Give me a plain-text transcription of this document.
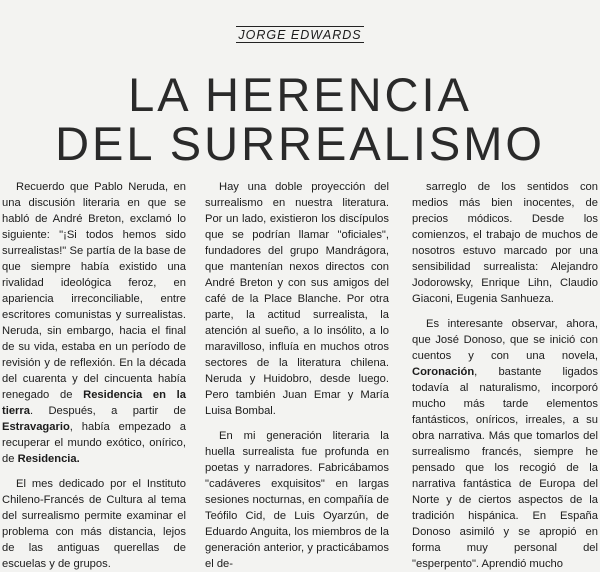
JORGE EDWARDS
LA HERENCIA
DEL SURREALISMO

Recuerdo que Pablo Neruda, en una discusión literaria en que se habló de André Breton, exclamó lo siguiente: "¡Si todos hemos sido surrealistas!" Se partía de la base de que siempre había existido una rivalidad ideológica feroz, en apariencia irreconciliable, entre escritores comunistas y surrealistas. Neruda, sin embargo, hacia el final de su vida, estaba en un período de revisión y de reflexión. En la década del cuarenta y del cincuenta había renegado de Residencia en la tierra. Después, a partir de Estravagario, había empezado a recuperar el mundo exótico, onírico, de Residencia.

El mes dedicado por el Instituto Chileno-Francés de Cultura al tema del surrealismo permite examinar el problema con más distancia, lejos de las antiguas querellas de escuelas y de grupos.

Hay una doble proyección del surrealismo en nuestra literatura. Por un lado, existieron los discípulos que se podrían llamar "oficiales", fundadores del grupo Mandrágora, que mantenían nexos directos con André Breton y con sus amigos del café de la Place Blanche. Por otra parte, la actitud surrealista, la atención al sueño, a lo insólito, a lo maravilloso, influía en muchos otros sectores de la literatura chilena. Neruda y Huidobro, desde luego. Pero también Juan Emar y María Luisa Bombal.

En mi generación literaria la huella surrealista fue profunda en poetas y narradores. Fabricábamos "cadáveres exquisitos" en largas sesiones nocturnas, en compañía de Teófilo Cid, de Luis Oyarzún, de Eduardo Anguita, los miembros de la generación anterior, y practicábamos el de-

sarreglo de los sentidos con medios más bien inocentes, de precios módicos. Desde los comienzos, el trabajo de muchos de nosotros estuvo marcado por una sensibilidad surrealista: Alejandro Jodorowsky, Enrique Lihn, Claudio Giaconi, Eugenia Sanhueza.

Es interesante observar, ahora, que José Donoso, que se inició con cuentos y con una novela, Coronación, bastante ligados todavía al naturalismo, incorporó mucho más tarde elementos fantásticos, oníricos, irreales, a su obra narrativa. Más que tomarlos del surrealismo francés, siempre he pensado que los recogió de la narrativa fantástica de Europa del Norte y de ciertos aspectos de la tradición hispánica. En España Donoso asimiló y se apropió en forma muy personal del "esperpento". Aprendió mucho
